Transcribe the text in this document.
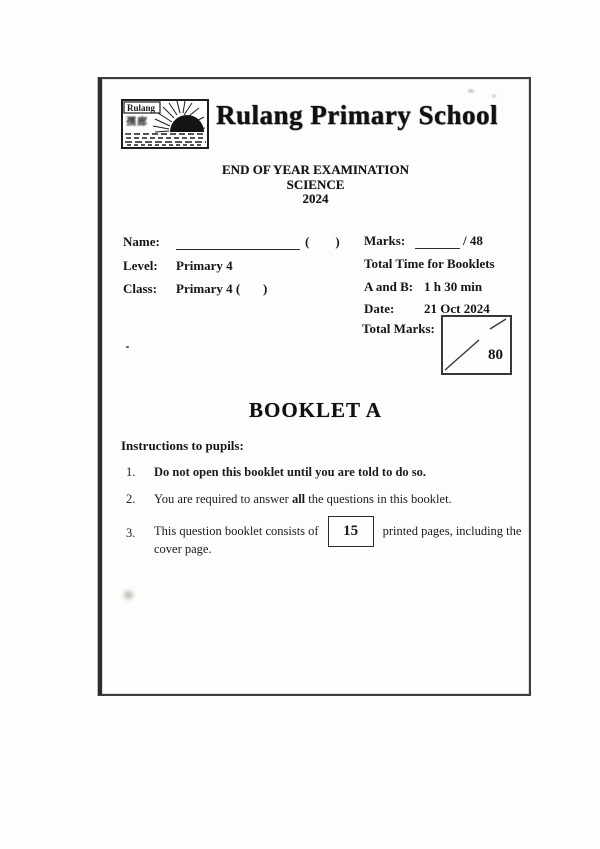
Rulang
孺廊	Rulang Primary School
END OF YEAR EXAMINATION
SCIENCE
2024
Name:	( )
Level:	Primary 4
Class:	Primary 4 (       )
Marks:	/ 48
Total Time for Booklets
A and B: 1 h 30 min
Date:	21 Oct 2024
Total Marks:
80
BOOKLET A
Instructions to pupils:
1.	Do not open this booklet until you are told to do so.
2.	You are required to answer all the questions in this booklet.
3.	This question booklet consists of	15	printed pages, including the
cover page.
